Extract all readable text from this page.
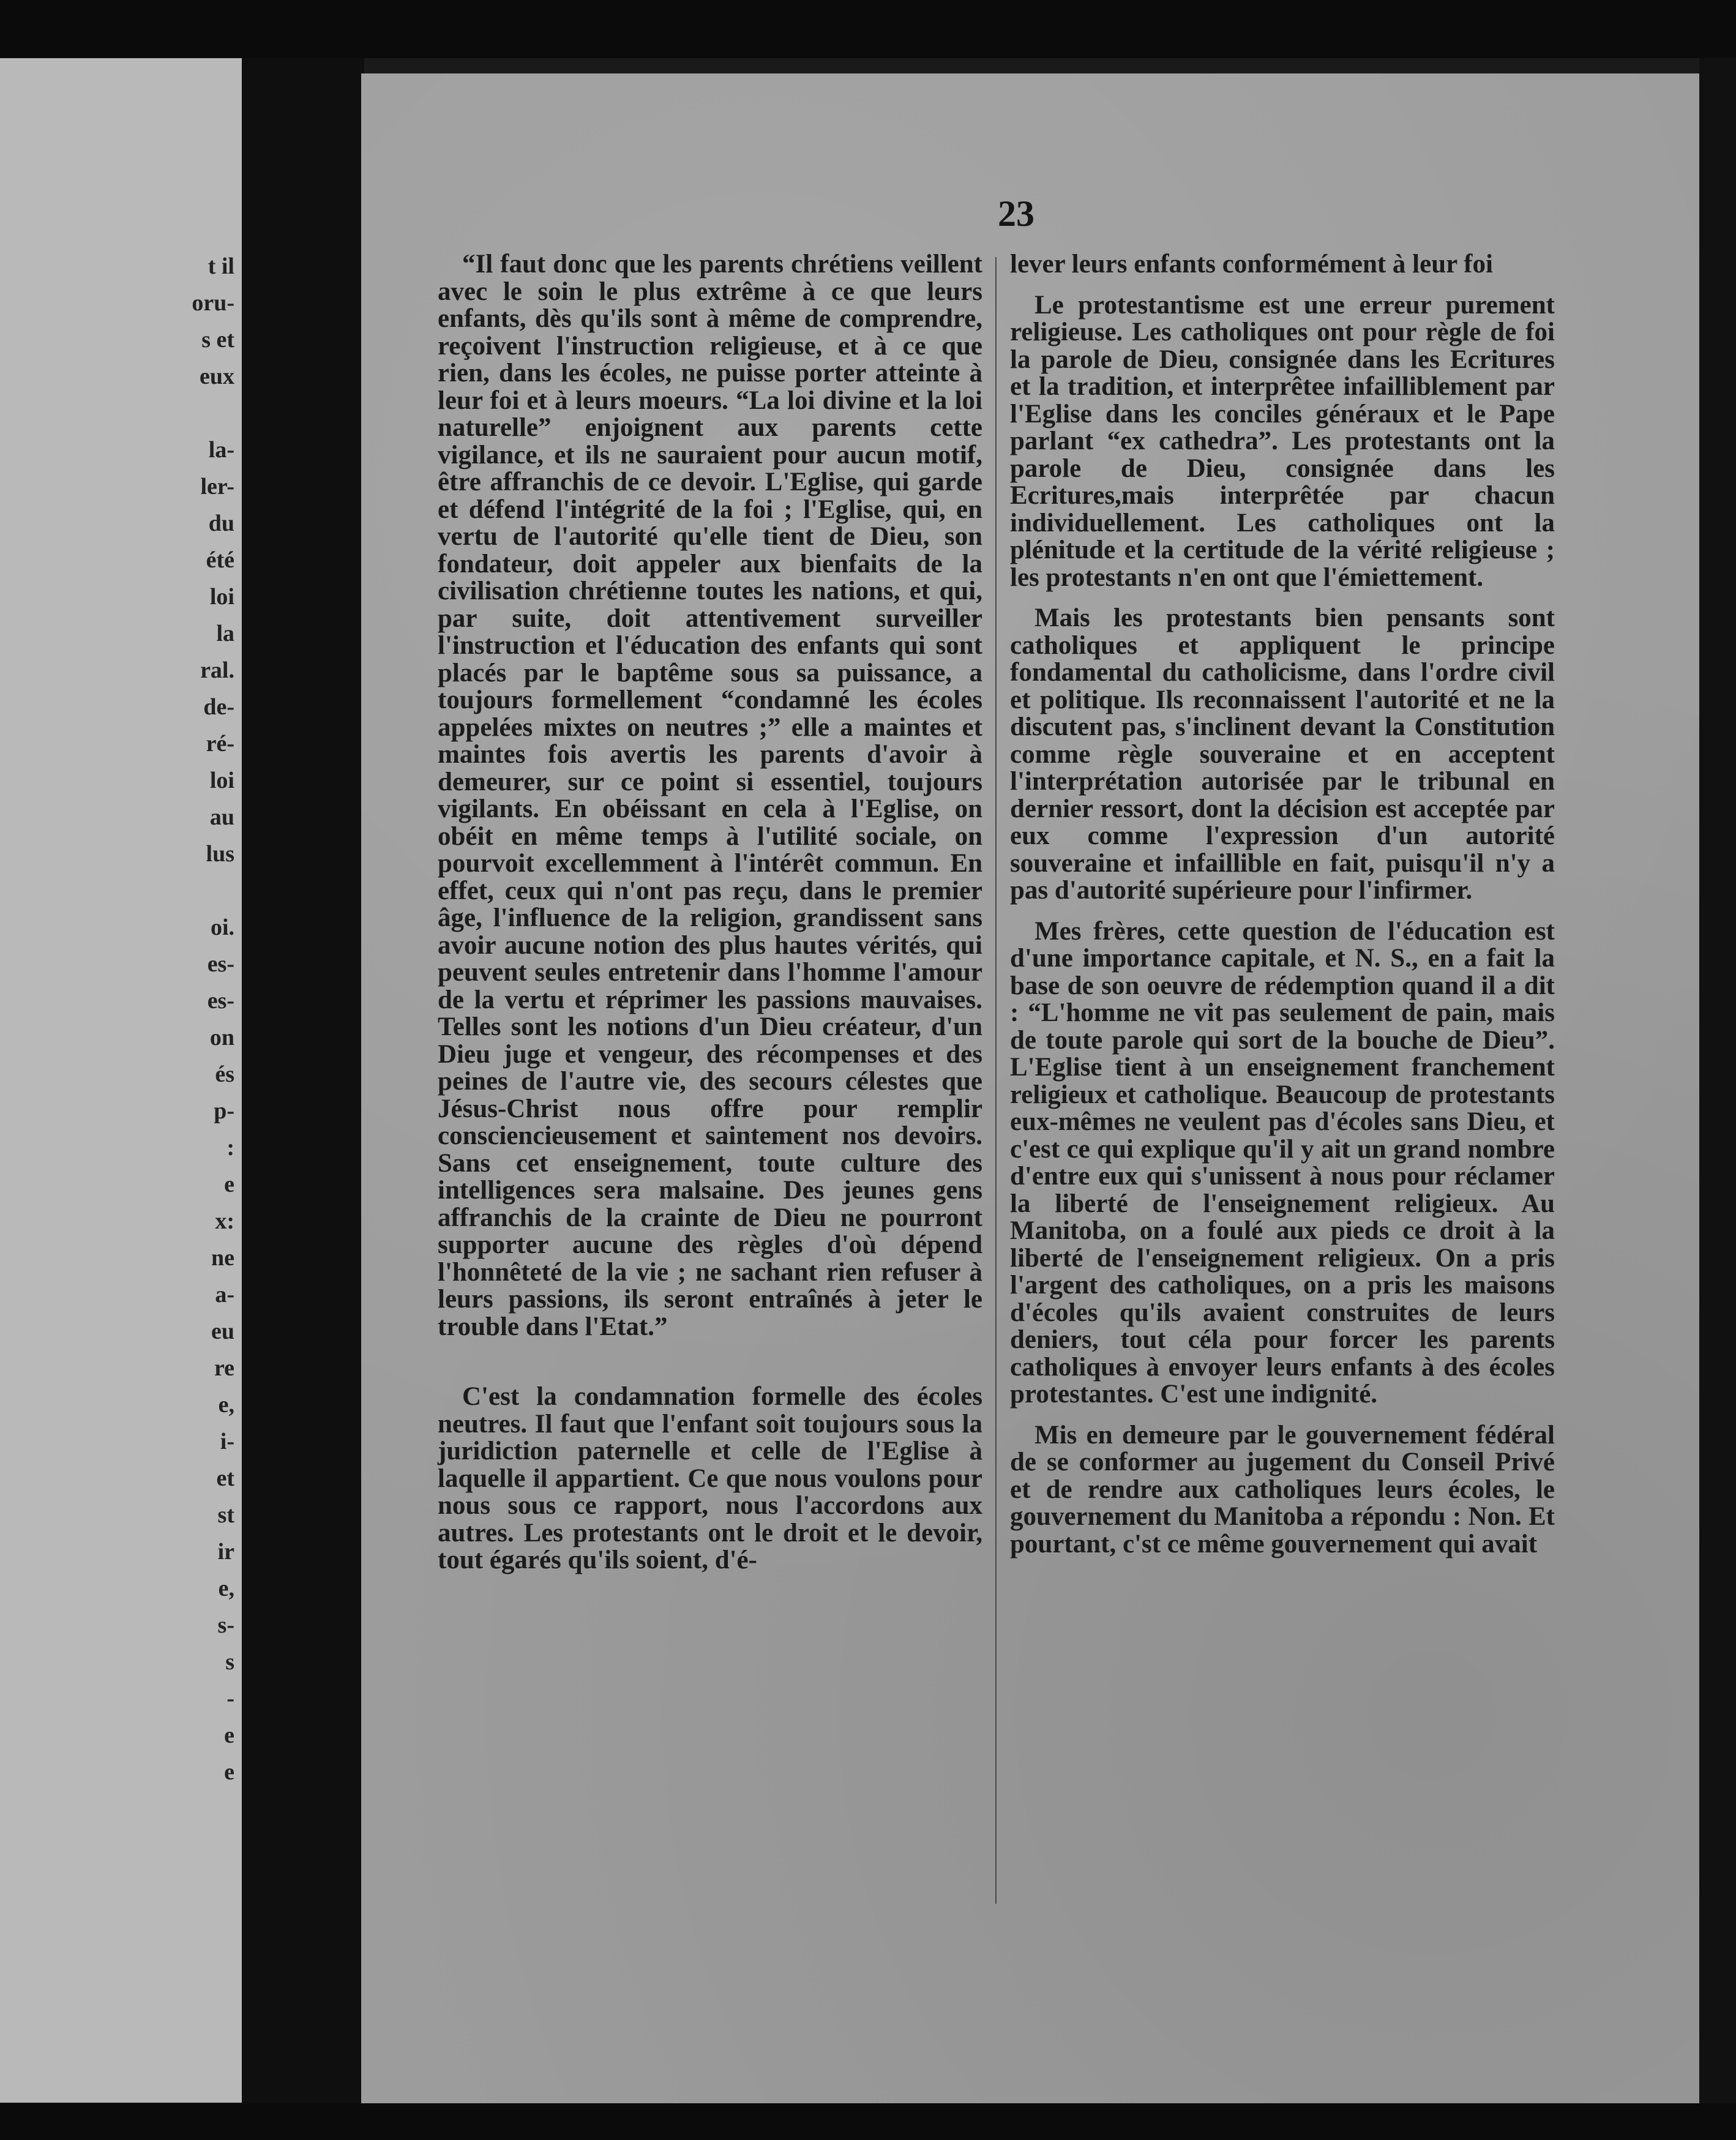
t il
oru-
s et
eux
la-
ler-
du
été
loi
la
ral.
de-
ré-
loi
au
lus
oi.
es-
es-
on
és
p-
:
e
x:
ne
a-
eu
re
e,
i-
et
st
ir
e,
s-
s
-
e
e
23

“Il faut donc que les parents chrétiens veillent avec le soin le plus extrême à ce que leurs enfants, dès qu'ils sont à même de comprendre, reçoivent l'instruction religieuse, et à ce que rien, dans les écoles, ne puisse porter atteinte à leur foi et à leurs moeurs. “La loi divine et la loi naturelle” enjoignent aux parents cette vigilance, et ils ne sauraient pour aucun motif, être affranchis de ce devoir. L'Eglise, qui garde et défend l'intégrité de la foi ; l'Eglise, qui, en vertu de l'autorité qu'elle tient de Dieu, son fondateur, doit appeler aux bienfaits de la civilisation chrétienne toutes les nations, et qui, par suite, doit attentivement surveiller l'instruction et l'éducation des enfants qui sont placés par le baptême sous sa puissance, a toujours formellement “condamné les écoles appelées mixtes on neutres ;” elle a maintes et maintes fois avertis les parents d'avoir à demeurer, sur ce point si essentiel, toujours vigilants. En obéissant en cela à l'Eglise, on obéit en même temps à l'utilité sociale, on pourvoit excellemment à l'intérêt commun. En effet, ceux qui n'ont pas reçu, dans le premier âge, l'influence de la religion, grandissent sans avoir aucune notion des plus hautes vérités, qui peuvent seules entretenir dans l'homme l'amour de la vertu et réprimer les passions mauvaises. Telles sont les notions d'un Dieu créateur, d'un Dieu juge et vengeur, des récompenses et des peines de l'autre vie, des secours célestes que Jésus-Christ nous offre pour remplir consciencieusement et saintement nos devoirs. Sans cet enseignement, toute culture des intelligences sera malsaine. Des jeunes gens affranchis de la crainte de Dieu ne pourront supporter aucune des règles d'où dépend l'honnêteté de la vie ; ne sachant rien refuser à leurs passions, ils seront entraînés à jeter le trouble dans l'Etat.”

C'est la condamnation formelle des écoles neutres. Il faut que l'enfant soit toujours sous la juridiction paternelle et celle de l'Eglise à laquelle il appartient. Ce que nous voulons pour nous sous ce rapport, nous l'accordons aux autres. Les protestants ont le droit et le devoir, tout égarés qu'ils soient, d'é-

lever leurs enfants conformément à leur foi

Le protestantisme est une erreur purement religieuse. Les catholiques ont pour règle de foi la parole de Dieu, consignée dans les Ecritures et la tradition, et interprêtee infailliblement par l'Eglise dans les conciles généraux et le Pape parlant “ex cathedra”. Les protestants ont la parole de Dieu, consignée dans les Ecritures,mais interprêtée par chacun individuellement. Les catholiques ont la plénitude et la certitude de la vérité religieuse ; les protestants n'en ont que l'émiettement.

Mais les protestants bien pensants sont catholiques et appliquent le principe fondamental du catholicisme, dans l'ordre civil et politique. Ils reconnaissent l'autorité et ne la discutent pas, s'inclinent devant la Constitution comme règle souveraine et en acceptent l'interprétation autorisée par le tribunal en dernier ressort, dont la décision est acceptée par eux comme l'expression d'un autorité souveraine et infaillible en fait, puisqu'il n'y a pas d'autorité supérieure pour l'infirmer.

Mes frères, cette question de l'éducation est d'une importance capitale, et N. S., en a fait la base de son oeuvre de rédemption quand il a dit : “L'homme ne vit pas seulement de pain, mais de toute parole qui sort de la bouche de Dieu”. L'Eglise tient à un enseignement franchement religieux et catholique. Beaucoup de protestants eux-mêmes ne veulent pas d'écoles sans Dieu, et c'est ce qui explique qu'il y ait un grand nombre d'entre eux qui s'unissent à nous pour réclamer la liberté de l'enseignement religieux. Au Manitoba, on a foulé aux pieds ce droit à la liberté de l'enseignement religieux. On a pris l'argent des catholiques, on a pris les maisons d'écoles qu'ils avaient construites de leurs deniers, tout céla pour forcer les parents catholiques à envoyer leurs enfants à des écoles protestantes. C'est une indignité.

Mis en demeure par le gouvernement fédéral de se conformer au jugement du Conseil Privé et de rendre aux catholiques leurs écoles, le gouvernement du Manitoba a répondu : Non. Et pourtant, c'st ce même gouvernement qui avait
